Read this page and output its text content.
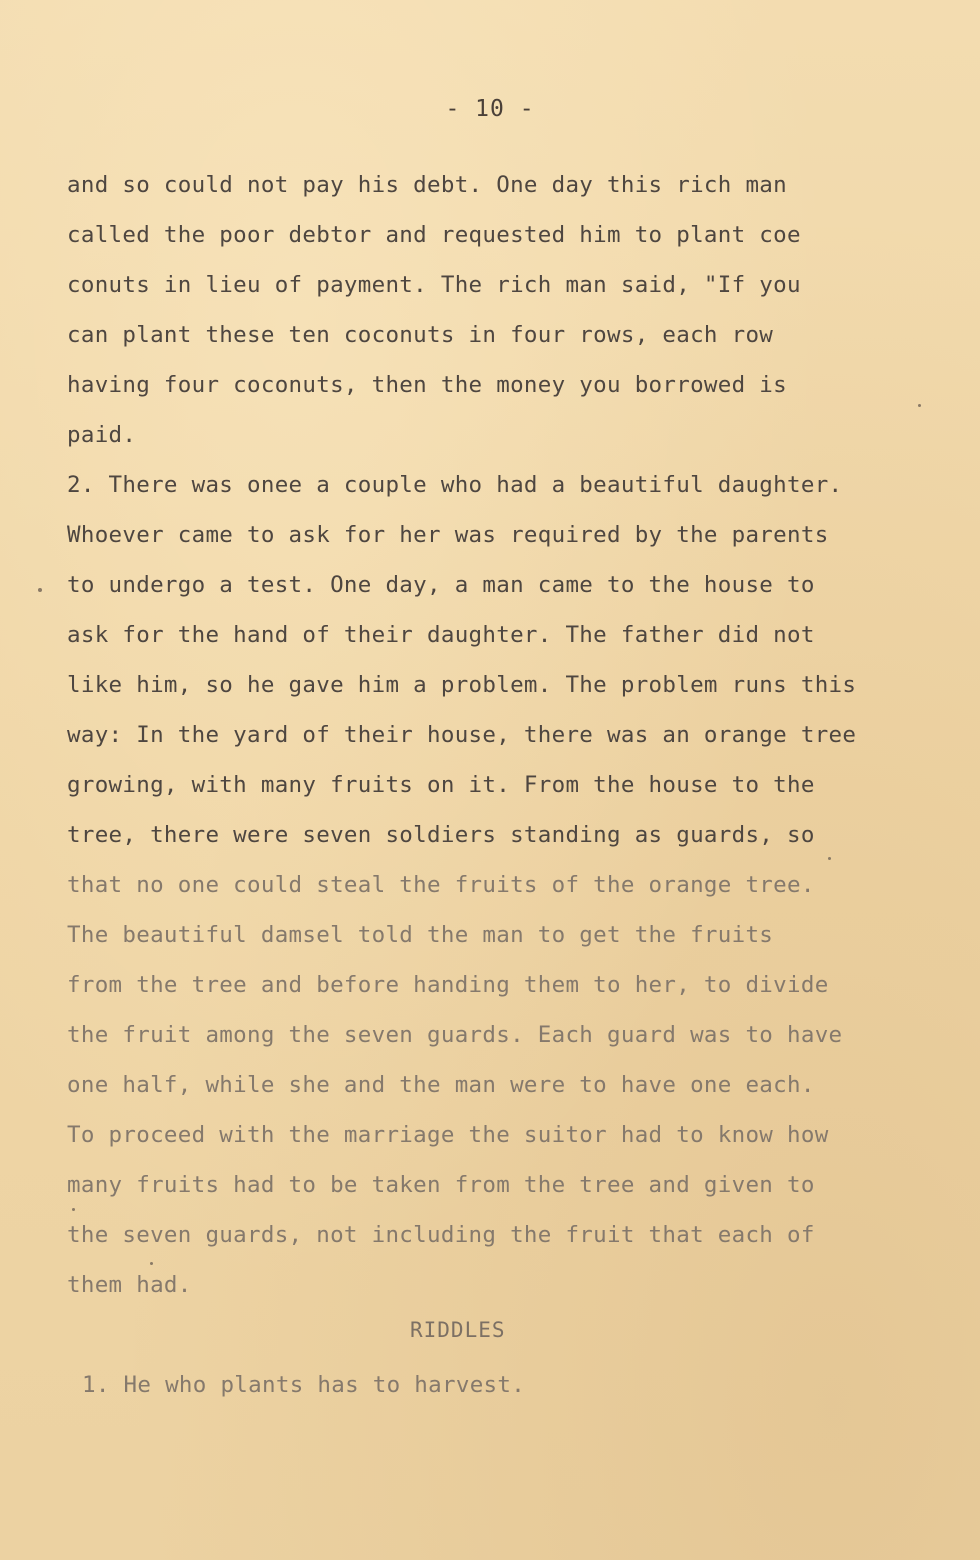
- 10 -
and so could not pay his debt. One day this rich man
called the poor debtor and requested him to plant coe
conuts in lieu of payment. The rich man said, "If you
can plant these ten coconuts in four rows, each row
having four coconuts, then the money you borrowed is
paid.
2. There was onee a couple who had a beautiful daughter.
Whoever came to ask for her was required by the parents
to undergo a test. One day, a man came to the house to
ask for the hand of their daughter. The father did not
like him, so he gave him a problem. The problem runs this
way: In the yard of their house, there was an orange tree
growing, with many fruits on it. From the house to the
tree, there were seven soldiers standing as guards, so
that no one could steal the fruits of the orange tree.
The beautiful damsel told the man to get the fruits
from the tree and before handing them to her, to divide
the fruit among the seven guards. Each guard was to have
one half, while she and the man were to have one each.
To proceed with the marriage the suitor had to know how
many fruits had to be taken from the tree and given to
the seven guards, not including the fruit that each of
them had.
RIDDLES
1. He who plants has to harvest.
